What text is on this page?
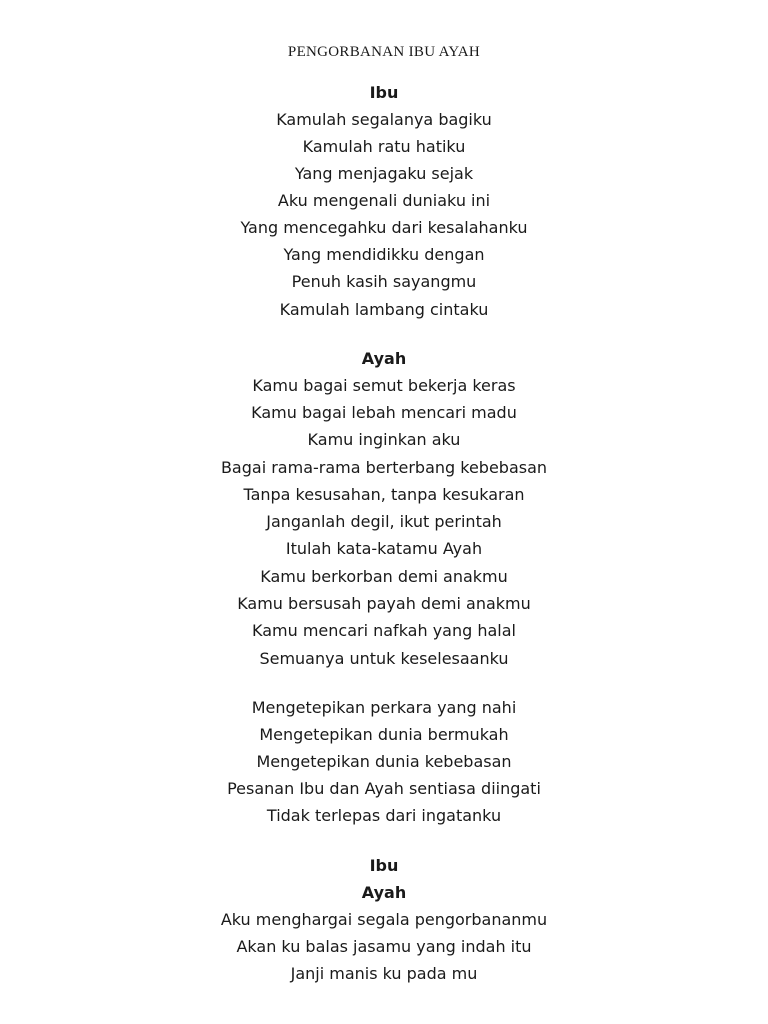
PENGORBANAN IBU AYAH
Ibu
Kamulah segalanya bagiku
Kamulah ratu hatiku
Yang menjagaku sejak
Aku mengenali duniaku ini
Yang mencegahku dari kesalahanku
Yang mendidikku dengan
Penuh kasih sayangmu
Kamulah lambang cintaku
Ayah
Kamu bagai semut bekerja keras
Kamu bagai lebah mencari madu
Kamu inginkan aku
Bagai rama-rama berterbang kebebasan
Tanpa kesusahan, tanpa kesukaran
Janganlah degil, ikut perintah
Itulah kata-katamu Ayah
Kamu berkorban demi anakmu
Kamu bersusah payah demi anakmu
Kamu mencari nafkah yang halal
Semuanya untuk keselesaanku
Mengetepikan perkara yang nahi
Mengetepikan dunia bermukah
Mengetepikan dunia kebebasan
Pesanan Ibu dan Ayah sentiasa diingati
Tidak terlepas dari ingatanku
Ibu
Ayah
Aku menghargai segala pengorbananmu
Akan ku balas jasamu yang indah itu
Janji manis ku pada mu
